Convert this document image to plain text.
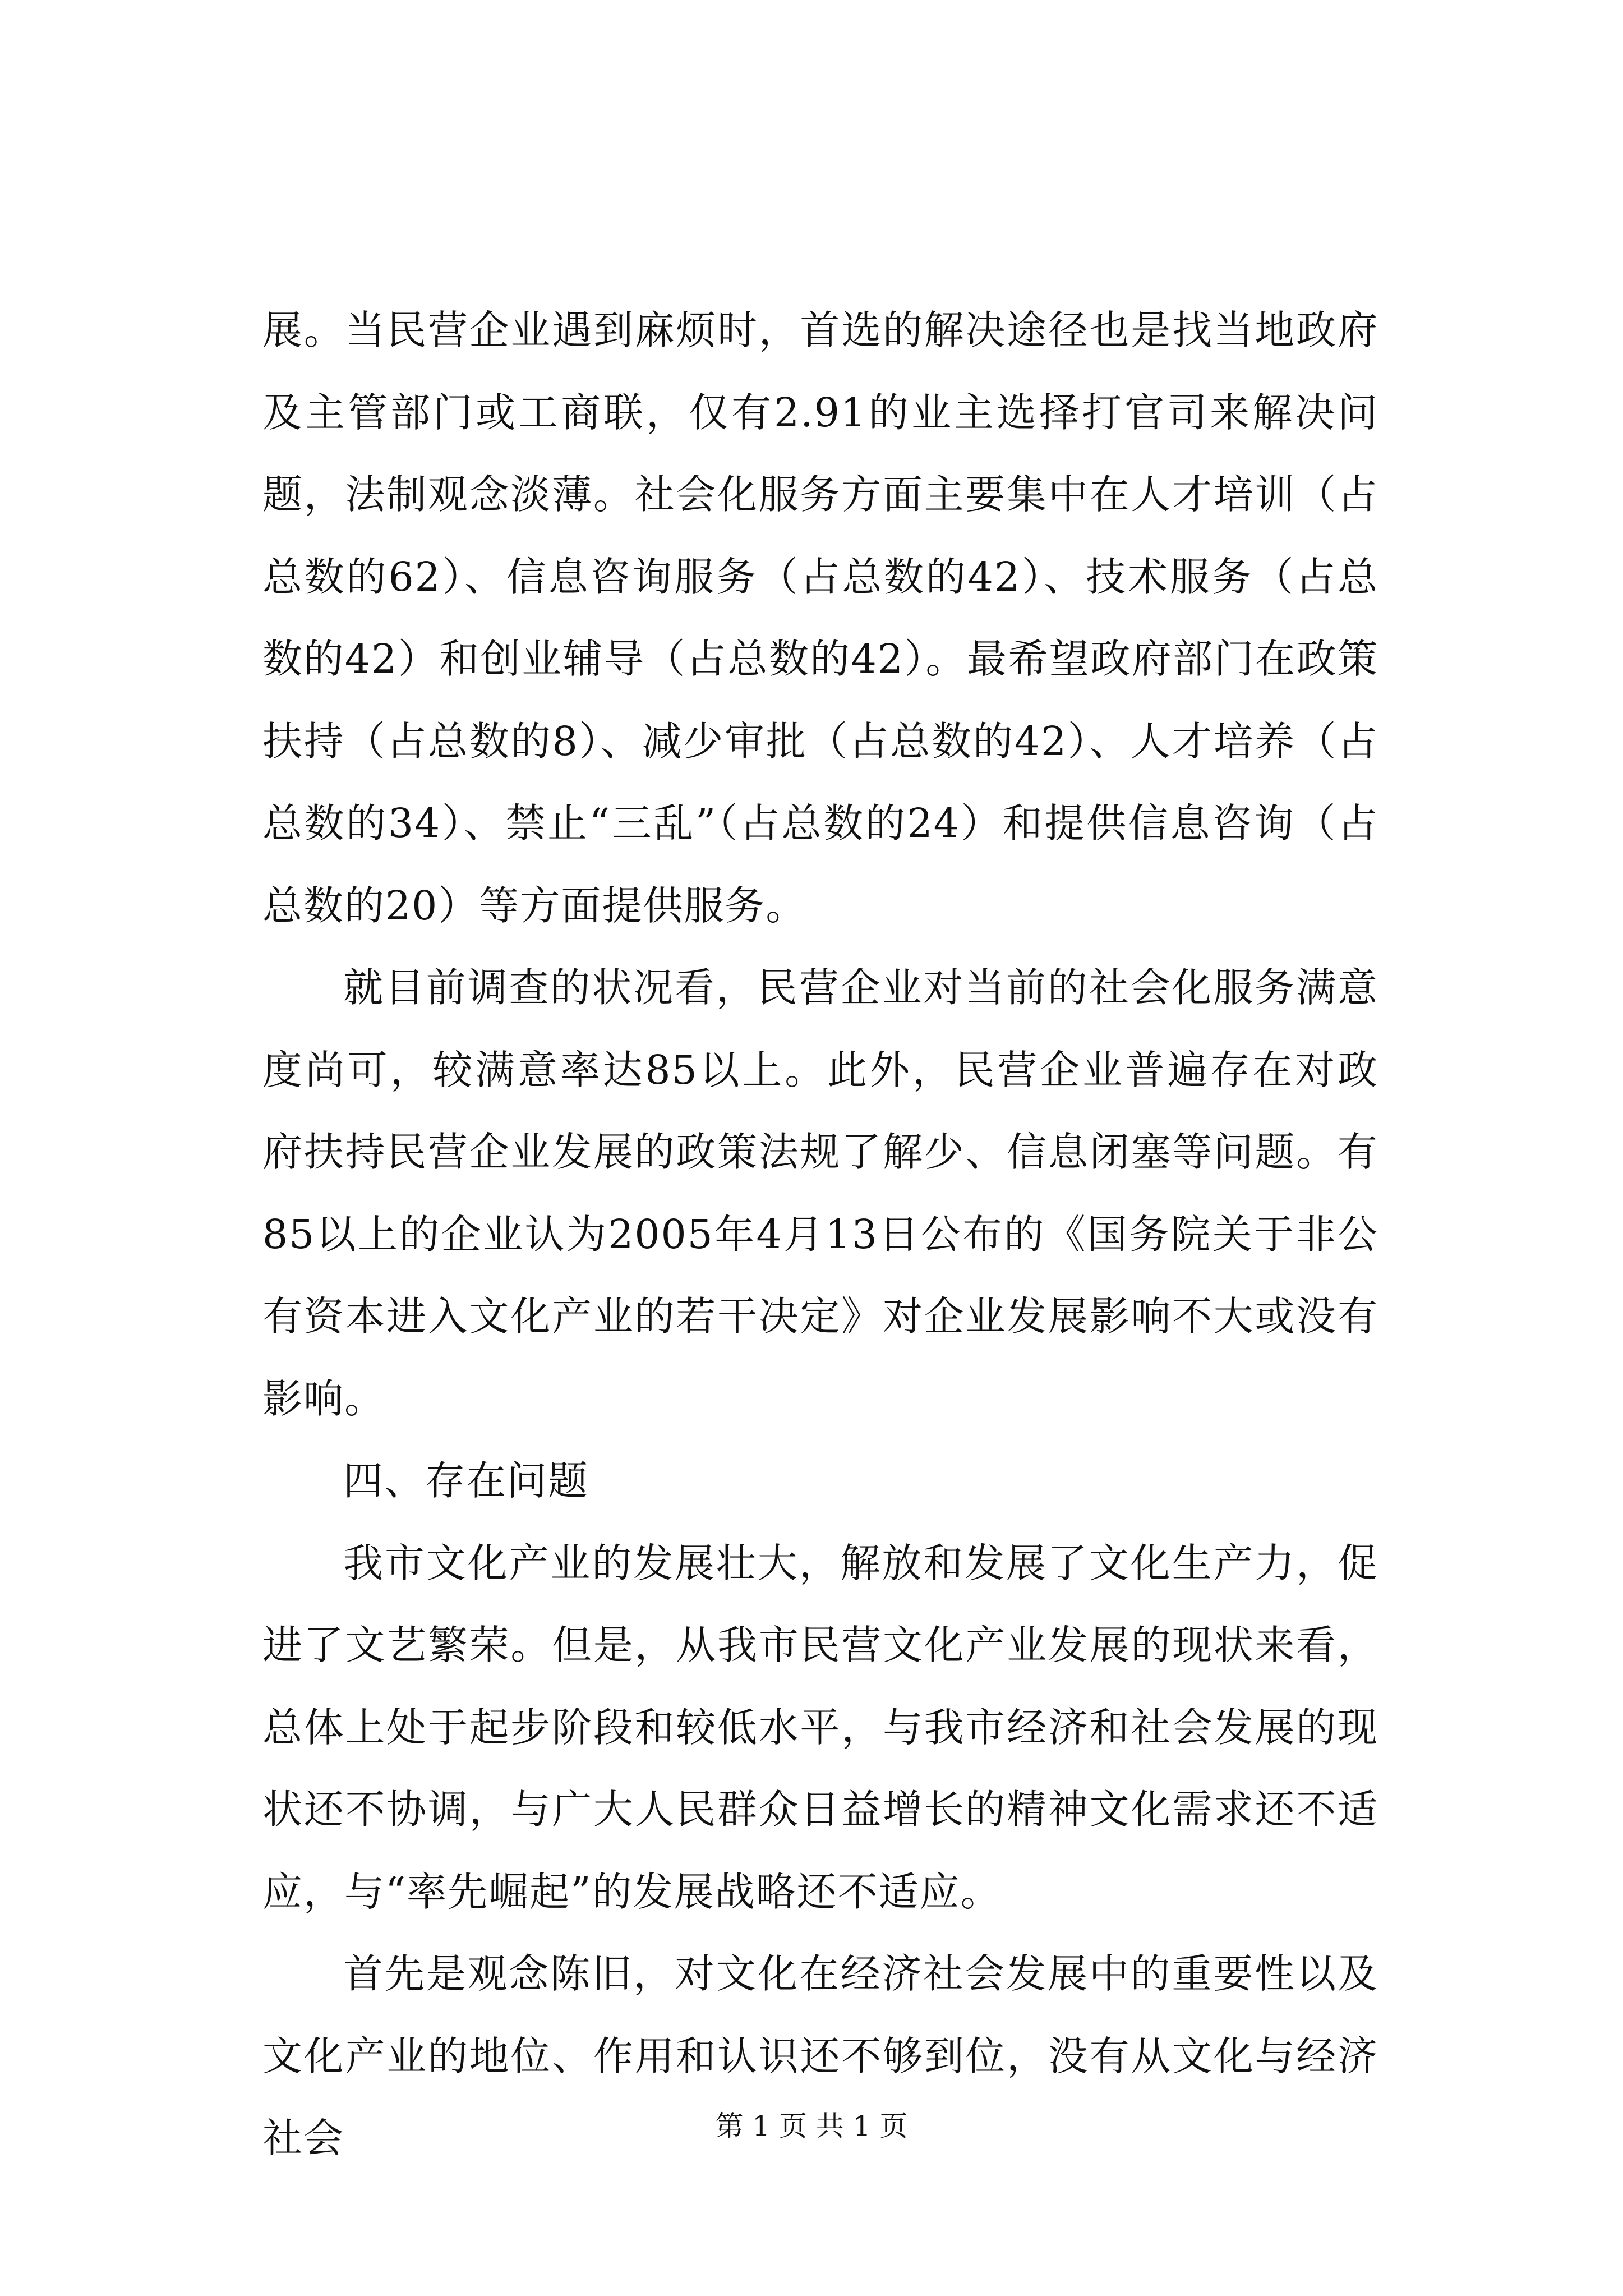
展。当民营企业遇到麻烦时，首选的解决途径也是找当地政府及主管部门或工商联，仅有2.91的业主选择打官司来解决问题，法制观念淡薄。社会化服务方面主要集中在人才培训（占总数的62）、信息咨询服务（占总数的42）、技术服务（占总数的42）和创业辅导（占总数的42）。最希望政府部门在政策扶持（占总数的8）、减少审批（占总数的42）、人才培养（占总数的34）、禁止“三乱”（占总数的24）和提供信息咨询（占总数的20）等方面提供服务。

就目前调查的状况看，民营企业对当前的社会化服务满意度尚可，较满意率达85以上。此外，民营企业普遍存在对政府扶持民营企业发展的政策法规了解少、信息闭塞等问题。有85以上的企业认为2005年4月13日公布的《国务院关于非公有资本进入文化产业的若干决定》对企业发展影响不大或没有影响。

四、存在问题

我市文化产业的发展壮大，解放和发展了文化生产力，促进了文艺繁荣。但是，从我市民营文化产业发展的现状来看，总体上处于起步阶段和较低水平，与我市经济和社会发展的现状还不协调，与广大人民群众日益增长的精神文化需求还不适应，与“率先崛起”的发展战略还不适应。

首先是观念陈旧，对文化在经济社会发展中的重要性以及文化产业的地位、作用和认识还不够到位，没有从文化与经济社会	第 1 页 共 1 页
